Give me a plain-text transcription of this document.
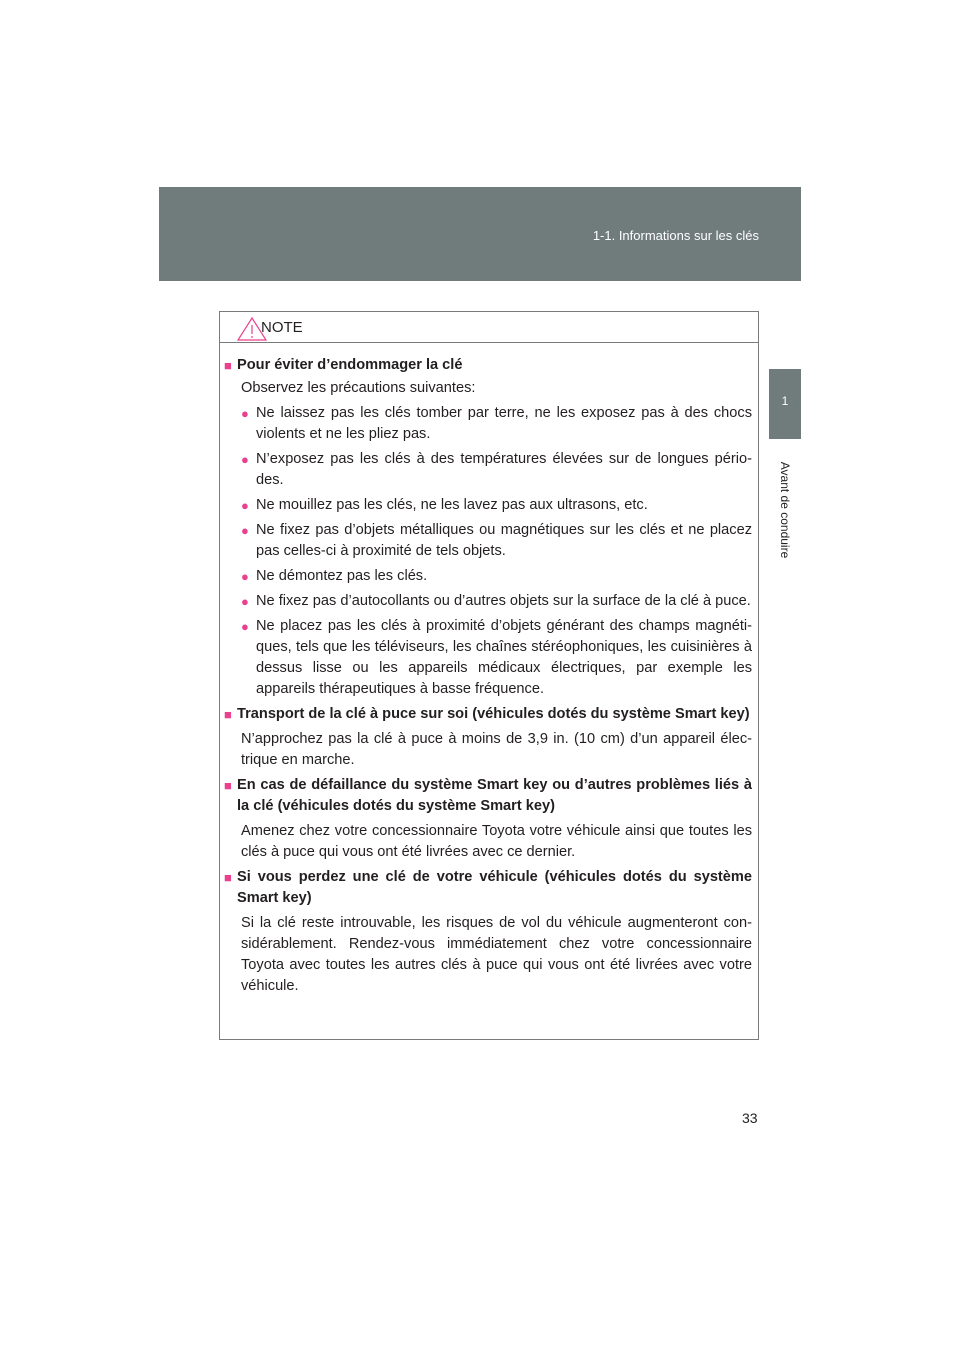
1-1. Informations sur les clés
1
Avant de conduire
NOTE
■ Pour éviter d’endommager la clé
Observez les précautions suivantes:
● Ne laissez pas les clés tomber par terre, ne les exposez pas à des chocs violents et ne les pliez pas.
● N’exposez pas les clés à des températures élevées sur de longues pério- des.
● Ne mouillez pas les clés, ne les lavez pas aux ultrasons, etc.
● Ne fixez pas d’objets métalliques ou magnétiques sur les clés et ne placez pas celles-ci à proximité de tels objets.
● Ne démontez pas les clés.
● Ne fixez pas d’autocollants ou d’autres objets sur la surface de la clé à puce.
● Ne placez pas les clés à proximité d’objets générant des champs magnéti- ques, tels que les téléviseurs, les chaînes stéréophoniques, les cuisinières à dessus lisse ou les appareils médicaux électriques, par exemple les appareils thérapeutiques à basse fréquence.
■ Transport de la clé à puce sur soi (véhicules dotés du système Smart key)
N’approchez pas la clé à puce à moins de 3,9 in. (10 cm) d’un appareil élec- trique en marche.
■ En cas de défaillance du système Smart key ou d’autres problèmes liés à la clé (véhicules dotés du système Smart key)
Amenez chez votre concessionnaire Toyota votre véhicule ainsi que toutes les clés à puce qui vous ont été livrées avec ce dernier.
■ Si vous perdez une clé de votre véhicule (véhicules dotés du système Smart key)
Si la clé reste introuvable, les risques de vol du véhicule augmenteront con- sidérablement. Rendez-vous immédiatement chez votre concessionnaire Toyota avec toutes les autres clés à puce qui vous ont été livrées avec votre véhicule.
33
